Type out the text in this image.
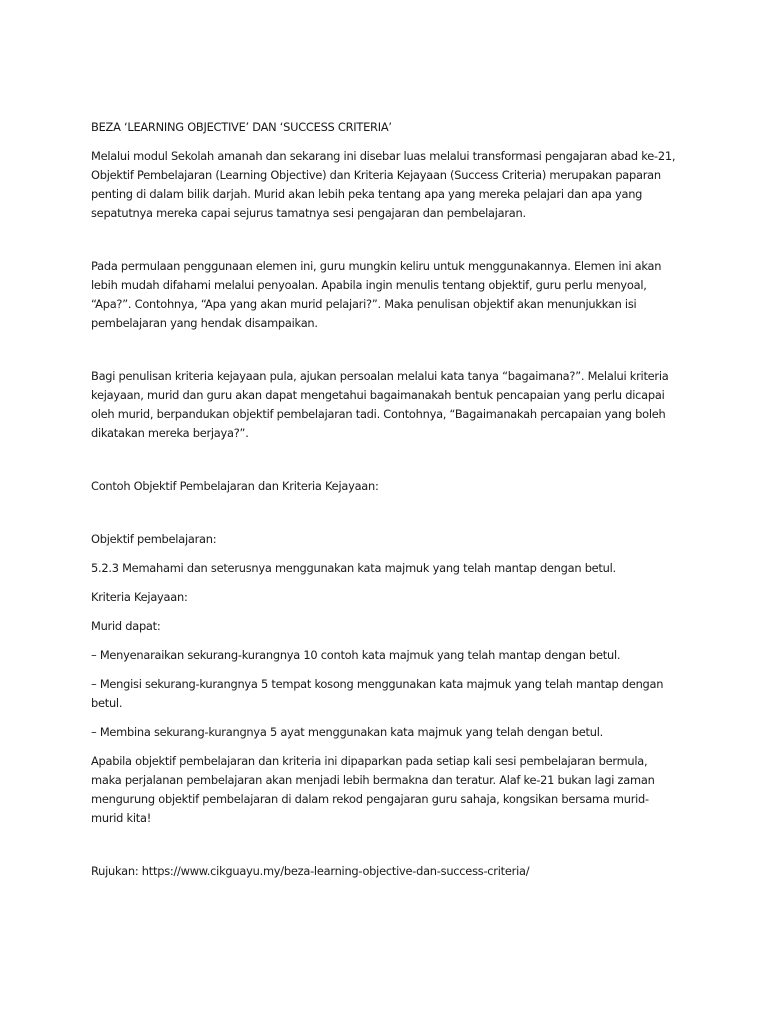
BEZA ‘LEARNING OBJECTIVE’ DAN ‘SUCCESS CRITERIA’

Melalui modul Sekolah amanah dan sekarang ini disebar luas melalui transformasi pengajaran abad ke-21, Objektif Pembelajaran (Learning Objective) dan Kriteria Kejayaan (Success Criteria) merupakan paparan penting di dalam bilik darjah. Murid akan lebih peka tentang apa yang mereka pelajari dan apa yang sepatutnya mereka capai sejurus tamatnya sesi pengajaran dan pembelajaran.

Pada permulaan penggunaan elemen ini, guru mungkin keliru untuk menggunakannya. Elemen ini akan lebih mudah difahami melalui penyoalan. Apabila ingin menulis tentang objektif, guru perlu menyoal, “Apa?”. Contohnya, “Apa yang akan murid pelajari?”. Maka penulisan objektif akan menunjukkan isi pembelajaran yang hendak disampaikan.

Bagi penulisan kriteria kejayaan pula, ajukan persoalan melalui kata tanya “bagaimana?”. Melalui kriteria kejayaan, murid dan guru akan dapat mengetahui bagaimanakah bentuk pencapaian yang perlu dicapai oleh murid, berpandukan objektif pembelajaran tadi. Contohnya, “Bagaimanakah percapaian yang boleh dikatakan mereka berjaya?”.

Contoh Objektif Pembelajaran dan Kriteria Kejayaan:

Objektif pembelajaran:

5.2.3 Memahami dan seterusnya menggunakan kata majmuk yang telah mantap dengan betul.

Kriteria Kejayaan:

Murid dapat:

– Menyenaraikan sekurang-kurangnya 10 contoh kata majmuk yang telah mantap dengan betul.

– Mengisi sekurang-kurangnya 5 tempat kosong menggunakan kata majmuk yang telah mantap dengan betul.

– Membina sekurang-kurangnya 5 ayat menggunakan kata majmuk yang telah dengan betul.

Apabila objektif pembelajaran dan kriteria ini dipaparkan pada setiap kali sesi pembelajaran bermula, maka perjalanan pembelajaran akan menjadi lebih bermakna dan teratur. Alaf ke-21 bukan lagi zaman mengurung objektif pembelajaran di dalam rekod pengajaran guru sahaja, kongsikan bersama murid-murid kita!

Rujukan: https://www.cikguayu.my/beza-learning-objective-dan-success-criteria/
